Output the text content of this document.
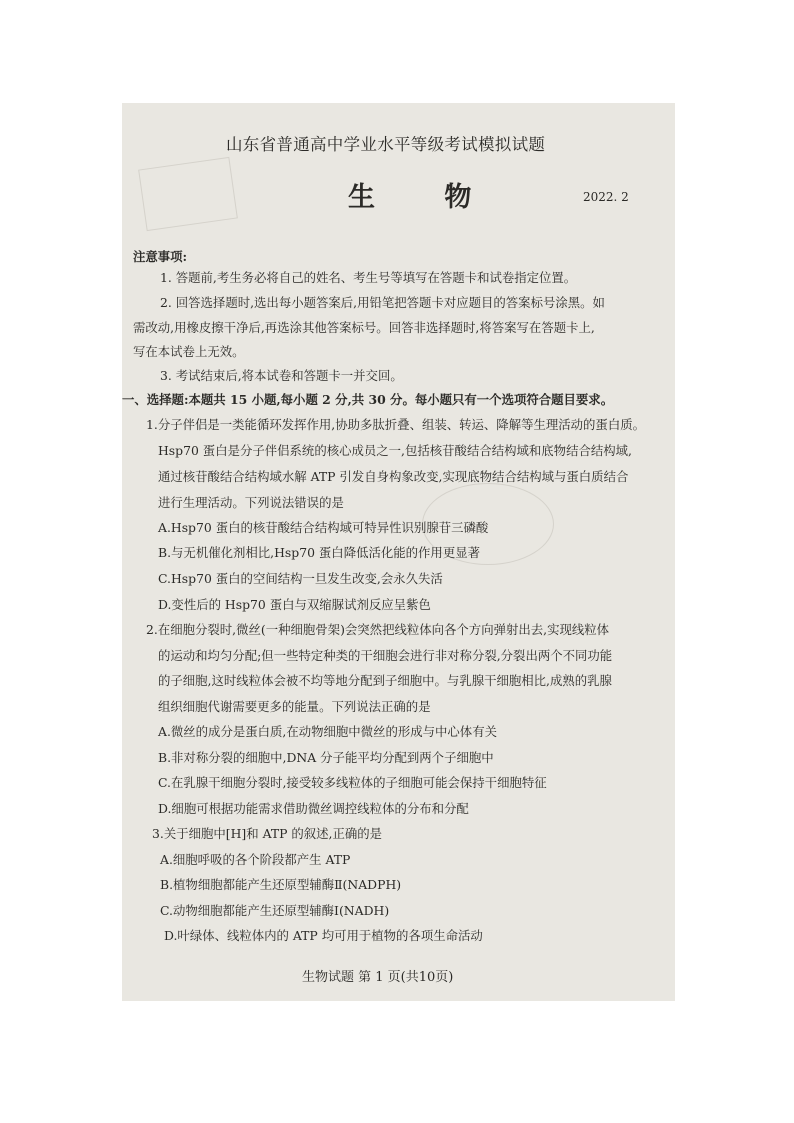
山东省普通高中学业水平等级考试模拟试题
生 物	2022. 2
注意事项:
1. 答题前,考生务必将自己的姓名、考生号等填写在答题卡和试卷指定位置。
2. 回答选择题时,选出每小题答案后,用铅笔把答题卡对应题目的答案标号涂黑。如
需改动,用橡皮擦干净后,再选涂其他答案标号。回答非选择题时,将答案写在答题卡上,
写在本试卷上无效。
3. 考试结束后,将本试卷和答题卡一并交回。
一、选择题:本题共 15 小题,每小题 2 分,共 30 分。每小题只有一个选项符合题目要求。
1.分子伴侣是一类能循环发挥作用,协助多肽折叠、组装、转运、降解等生理活动的蛋白质。
Hsp70 蛋白是分子伴侣系统的核心成员之一,包括核苷酸结合结构域和底物结合结构域,
通过核苷酸结合结构域水解 ATP 引发自身构象改变,实现底物结合结构域与蛋白质结合
进行生理活动。下列说法错误的是
A.Hsp70 蛋白的核苷酸结合结构域可特异性识别腺苷三磷酸
B.与无机催化剂相比,Hsp70 蛋白降低活化能的作用更显著
C.Hsp70 蛋白的空间结构一旦发生改变,会永久失活
D.变性后的 Hsp70 蛋白与双缩脲试剂反应呈紫色
2.在细胞分裂时,微丝(一种细胞骨架)会突然把线粒体向各个方向弹射出去,实现线粒体
的运动和均匀分配;但一些特定种类的干细胞会进行非对称分裂,分裂出两个不同功能
的子细胞,这时线粒体会被不均等地分配到子细胞中。与乳腺干细胞相比,成熟的乳腺
组织细胞代谢需要更多的能量。下列说法正确的是
A.微丝的成分是蛋白质,在动物细胞中微丝的形成与中心体有关
B.非对称分裂的细胞中,DNA 分子能平均分配到两个子细胞中
C.在乳腺干细胞分裂时,接受较多线粒体的子细胞可能会保持干细胞特征
D.细胞可根据功能需求借助微丝调控线粒体的分布和分配
3.关于细胞中[H]和 ATP 的叙述,正确的是
A.细胞呼吸的各个阶段都产生 ATP
B.植物细胞都能产生还原型辅酶Ⅱ(NADPH)
C.动物细胞都能产生还原型辅酶Ⅰ(NADH)
D.叶绿体、线粒体内的 ATP 均可用于植物的各项生命活动
生物试题 第 1 页(共10页)
